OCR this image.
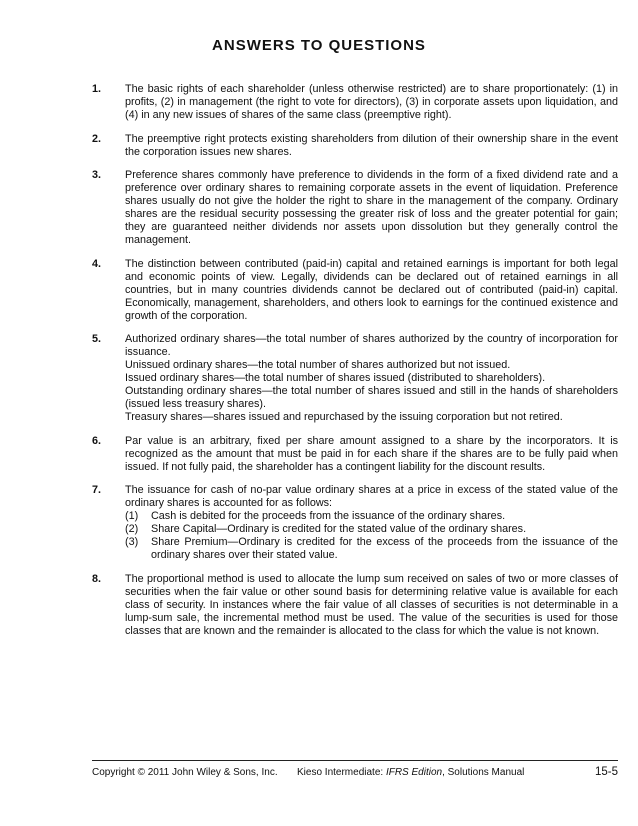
ANSWERS TO QUESTIONS
1.	The basic rights of each shareholder (unless otherwise restricted) are to share proportionately: (1) in profits, (2) in management (the right to vote for directors), (3) in corporate assets upon liquidation, and (4) in any new issues of shares of the same class (preemptive right).

2.	The preemptive right protects existing shareholders from dilution of their ownership share in the event the corporation issues new shares.

3.	Preference shares commonly have preference to dividends in the form of a fixed dividend rate and a preference over ordinary shares to remaining corporate assets in the event of liquidation. Preference shares usually do not give the holder the right to share in the management of the company. Ordinary shares are the residual security possessing the greater risk of loss and the greater potential for gain; they are guaranteed neither dividends nor assets upon dissolution but they generally control the management.

4.	The distinction between contributed (paid-in) capital and retained earnings is important for both legal and economic points of view. Legally, dividends can be declared out of retained earnings in all countries, but in many countries dividends cannot be declared out of contributed (paid-in) capital. Economically, management, shareholders, and others look to earnings for the continued existence and growth of the corporation.

5.	Authorized ordinary shares—the total number of shares authorized by the country of incorporation for issuance.

Unissued ordinary shares—the total number of shares authorized but not issued.

Issued ordinary shares—the total number of shares issued (distributed to shareholders).

Outstanding ordinary shares—the total number of shares issued and still in the hands of shareholders (issued less treasury shares).

Treasury shares—shares issued and repurchased by the issuing corporation but not retired.

6.	Par value is an arbitrary, fixed per share amount assigned to a share by the incorporators. It is recognized as the amount that must be paid in for each share if the shares are to be fully paid when issued. If not fully paid, the shareholder has a contingent liability for the discount results.

7.	The issuance for cash of no-par value ordinary shares at a price in excess of the stated value of the ordinary shares is accounted for as follows:

(1)	Cash is debited for the proceeds from the issuance of the ordinary shares.
(2)	Share Capital—Ordinary is credited for the stated value of the ordinary shares.
(3)	Share Premium—Ordinary is credited for the excess of the proceeds from the issuance of the ordinary shares over their stated value.
8.	The proportional method is used to allocate the lump sum received on sales of two or more classes of securities when the fair value or other sound basis for determining relative value is available for each class of security. In instances where the fair value of all classes of securities is not determinable in a lump-sum sale, the incremental method must be used. The value of the securities is used for those classes that are known and the remainder is allocated to the class for which the value is not known.

Copyright © 2011 John Wiley & Sons, Inc. Kieso Intermediate: IFRS Edition, Solutions Manual	15-5
